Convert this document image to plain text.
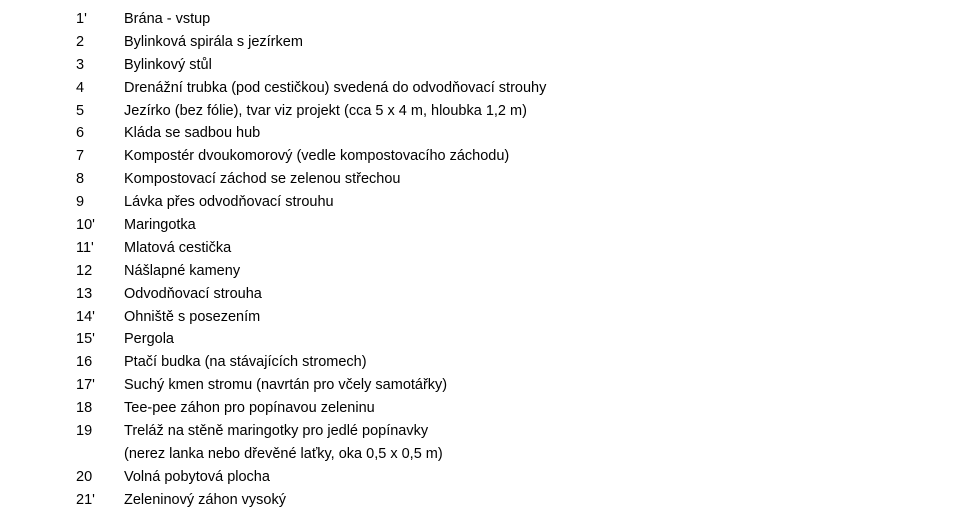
1'	Brána - vstup
2	Bylinková spirála s jezírkem
3	Bylinkový stůl
4	Drenážní trubka (pod cestičkou) svedená do odvodňovací strouhy
5	Jezírko (bez fólie), tvar viz projekt (cca 5 x 4 m, hloubka 1,2 m)
6	Kláda se sadbou hub
7	Kompostér dvoukomorový (vedle kompostovacího záchodu)
8	Kompostovací záchod se zelenou střechou
9	Lávka přes odvodňovací strouhu
10' Maringotka
11' Mlatová cestička
12 Nášlapné kameny
13 Odvodňovací strouha
14' Ohniště s posezením
15' Pergola
16 Ptačí budka (na stávajících stromech)
17' Suchý kmen stromu (navrtán pro včely samotářky)
18 Tee-pee záhon pro popínavou zeleninu
19 Treláž na stěně maringotky pro jedlé popínavky
(nerez lanka nebo dřevěné laťky, oka 0,5 x 0,5 m)
20 Volná pobytová plocha
21' Zeleninový záhon vysoký
